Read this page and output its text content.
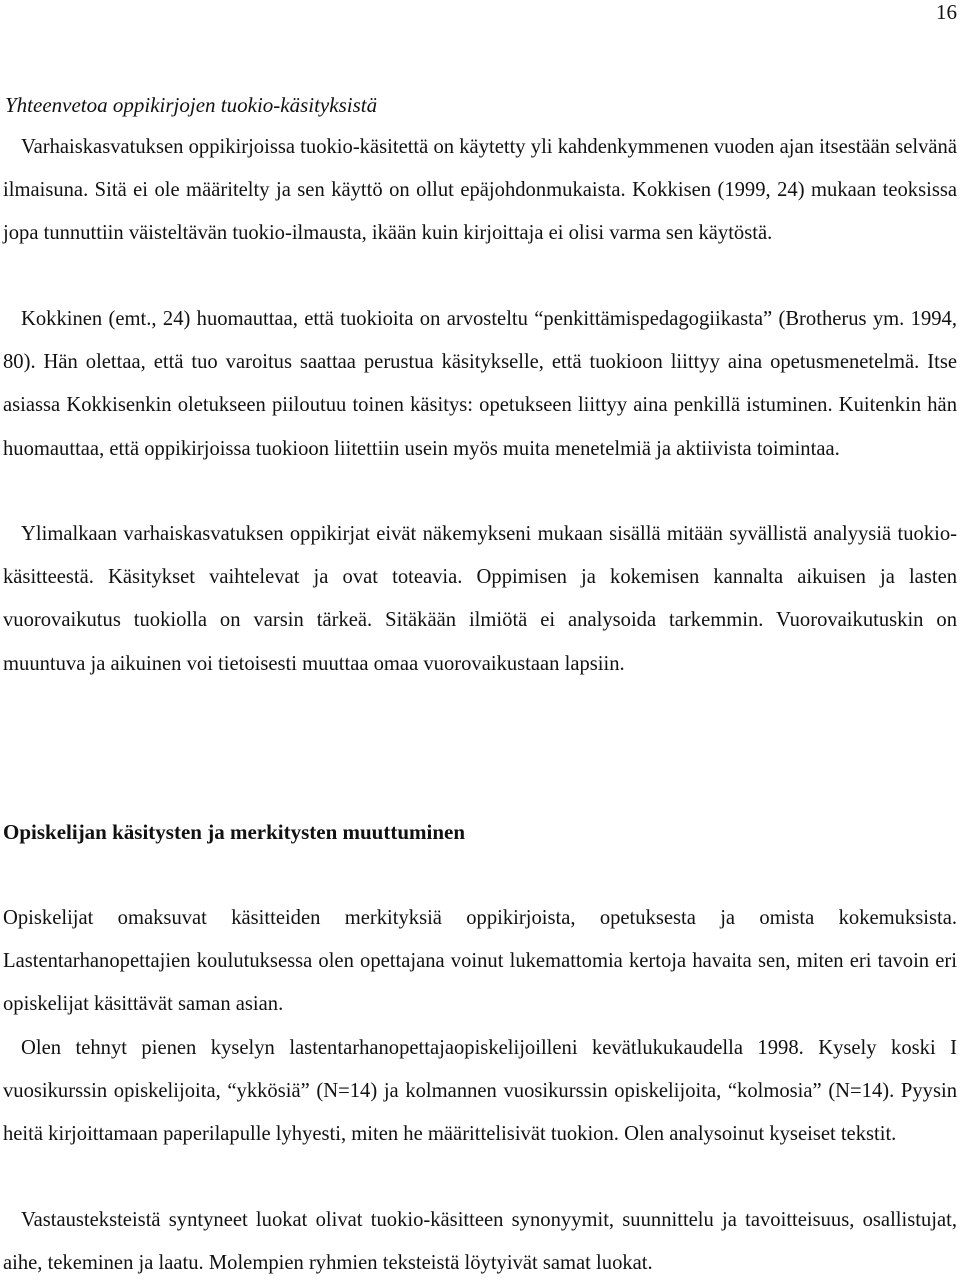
16
Yhteenvetoa oppikirjojen tuokio-käsityksistä

Varhaiskasvatuksen oppikirjoissa tuokio-käsitettä on käytetty yli kahdenkymmenen vuoden ajan itsestään selvänä ilmaisuna. Sitä ei ole määritelty ja sen käyttö on ollut epäjohdonmukaista. Kokkisen (1999, 24) mukaan teoksissa jopa tunnuttiin väisteltävän tuokio-ilmausta, ikään kuin kirjoittaja ei olisi varma sen käytöstä.

Kokkinen (emt., 24) huomauttaa, että tuokioita on arvosteltu “penkittämispedagogiikasta” (Brotherus ym. 1994, 80). Hän olettaa, että tuo varoitus saattaa perustua käsitykselle, että tuokioon liittyy aina opetusmenetelmä. Itse asiassa Kokkisenkin oletukseen piiloutuu toinen käsitys: opetukseen liittyy aina penkillä istuminen. Kuitenkin hän huomauttaa, että oppikirjoissa tuokioon liitettiin usein myös muita menetelmiä ja aktiivista toimintaa.

Ylimalkaan varhaiskasvatuksen oppikirjat eivät näkemykseni mukaan sisällä mitään syvällistä analyysiä tuokio-käsitteestä. Käsitykset vaihtelevat ja ovat toteavia. Oppimisen ja kokemisen kannalta aikuisen ja lasten vuorovaikutus tuokiolla on varsin tärkeä. Sitäkään ilmiötä ei analysoida tarkemmin. Vuorovaikutuskin on muuntuva ja aikuinen voi tietoisesti muuttaa omaa vuorovaikustaan lapsiin.

Opiskelijan käsitysten ja merkitysten muuttuminen

Opiskelijat omaksuvat käsitteiden merkityksiä oppikirjoista, opetuksesta ja omista kokemuksista. Lastentarhanopettajien koulutuksessa olen opettajana voinut lukemattomia kertoja havaita sen, miten eri tavoin eri opiskelijat käsittävät saman asian.

Olen tehnyt pienen kyselyn lastentarhanopettajaopiskelijoilleni kevätlukukaudella 1998. Kysely koski I vuosikurssin opiskelijoita, “ykkösiä” (N=14) ja kolmannen vuosikurssin opiskelijoita, “kolmosia” (N=14). Pyysin heitä kirjoittamaan paperilapulle lyhyesti, miten he määrittelisivät tuokion. Olen analysoinut kyseiset tekstit.

Vastausteksteistä syntyneet luokat olivat tuokio-käsitteen synonyymit, suunnittelu ja tavoitteisuus, osallistujat, aihe, tekeminen ja laatu. Molempien ryhmien teksteistä löytyivät samat luokat.
